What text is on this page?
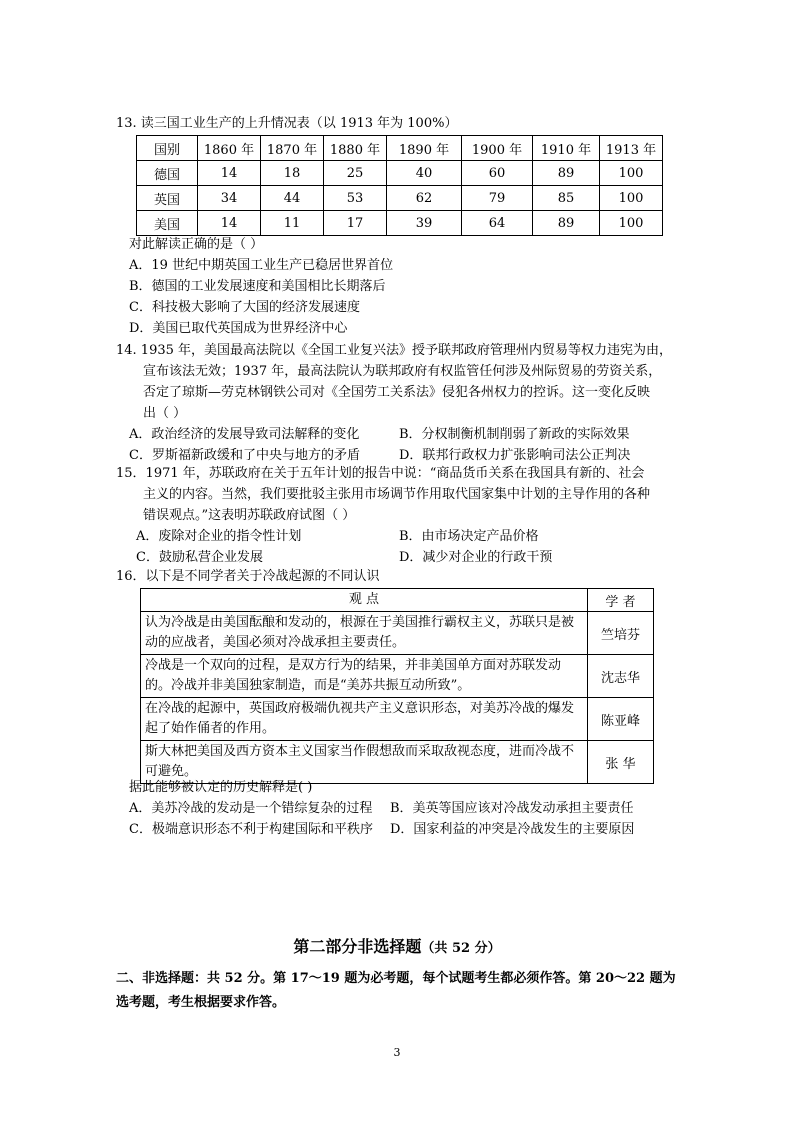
13. 读三国工业生产的上升情况表（以 1913 年为 100%）
国别	1860 年	1870 年	1880 年	1890 年	1900 年	1910 年	1913 年
德国	14	18	25	40	60	89	100
英国	34	44	53	62	79	85	100
美国	14	11	17	39	64	89	100
对此解读正确的是（ ）
A．19 世纪中期英国工业生产已稳居世界首位
B．德国的工业发展速度和美国相比长期落后
C．科技极大影响了大国的经济发展速度
D．美国已取代英国成为世界经济中心
14. 1935 年，美国最高法院以《全国工业复兴法》授予联邦政府管理州内贸易等权力违宪为由，
宣布该法无效；1937 年，最高法院认为联邦政府有权监管任何涉及州际贸易的劳资关系，
否定了琼斯—劳克林钢铁公司对《全国劳工关系法》侵犯各州权力的控诉。这一变化反映
出（ ）
A．政治经济的发展导致司法解释的变化	B．分权制衡机制削弱了新政的实际效果
C．罗斯福新政缓和了中央与地方的矛盾	D．联邦行政权力扩张影响司法公正判决
15．1971 年，苏联政府在关于五年计划的报告中说：“商品货币关系在我国具有新的、社会
主义的内容。当然，我们要批驳主张用市场调节作用取代国家集中计划的主导作用的各种
错误观点。”这表明苏联政府试图（ ）
A．废除对企业的指令性计划	B．由市场决定产品价格
C．鼓励私营企业发展	D．减少对企业的行政干预
16．以下是不同学者关于冷战起源的不同认识
观 点	学 者
认为冷战是由美国酝酿和发动的，根源在于美国推行霸权主义，苏联只是被动的应战者，美国必须对冷战承担主要责任。	竺培芬
冷战是一个双向的过程，是双方行为的结果，并非美国单方面对苏联发动的。冷战并非美国独家制造，而是“美苏共振互动所致”。	沈志华
在冷战的起源中，英国政府极端仇视共产主义意识形态，对美苏冷战的爆发起了始作俑者的作用。	陈亚峰
斯大林把美国及西方资本主义国家当作假想敌而采取敌视态度，进而冷战不可避免。	张 华
据此能够被认定的历史解释是( )
A．美苏冷战的发动是一个错综复杂的过程	B．美英等国应该对冷战发动承担主要责任
C．极端意识形态不利于构建国际和平秩序	D．国家利益的冲突是冷战发生的主要原因
第二部分非选择题（共 52 分）
二、非选择题：共 52 分。第 17～19 题为必考题，每个试题考生都必须作答。第 20～22 题为选考题，考生根据要求作答。
3
